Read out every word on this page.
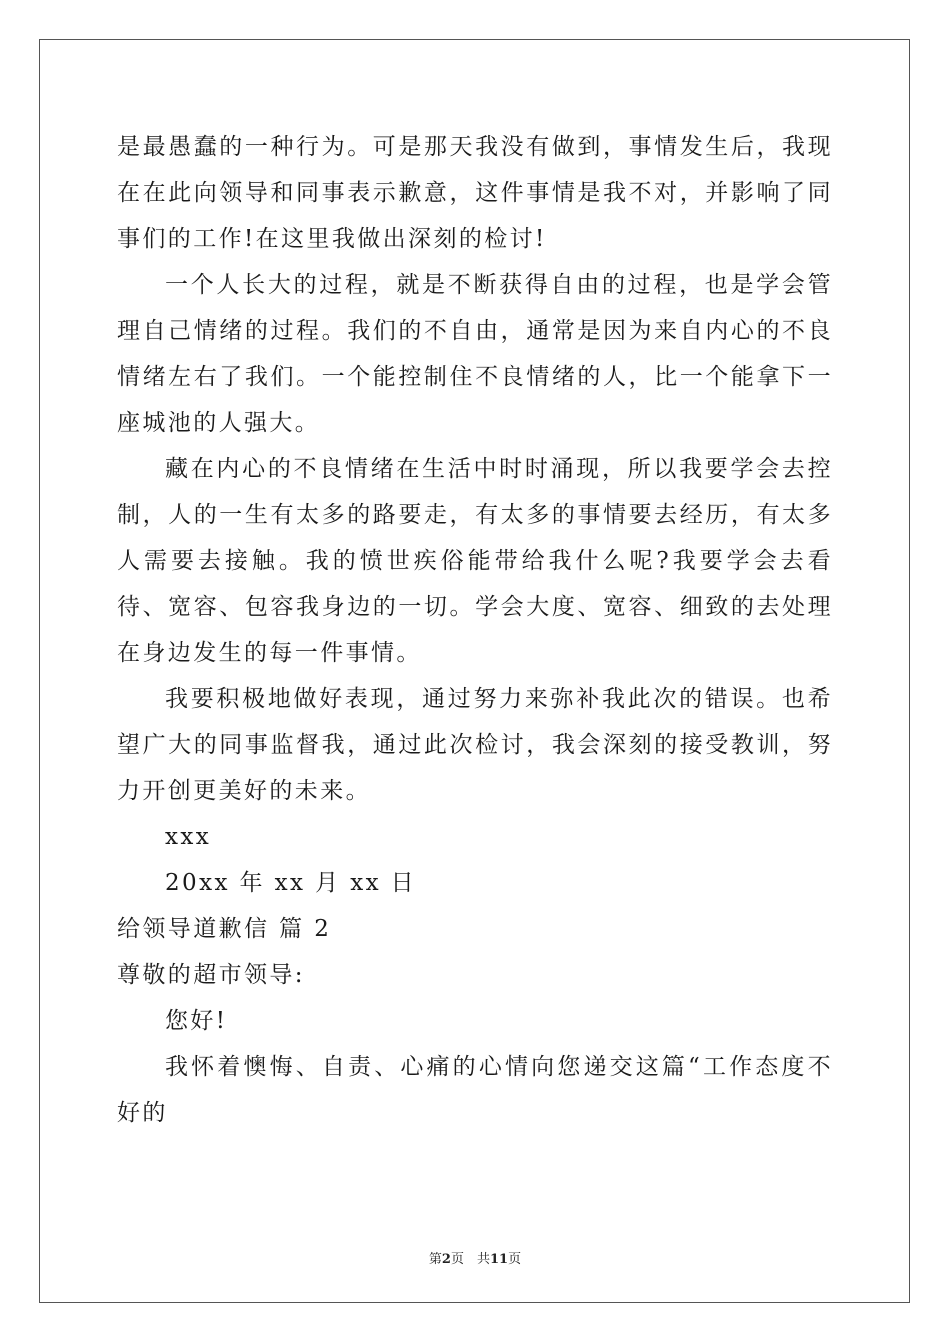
是最愚蠢的一种行为。可是那天我没有做到，事情发生后，我现在在此向领导和同事表示歉意，这件事情是我不对，并影响了同事们的工作!在这里我做出深刻的检讨!

一个人长大的过程，就是不断获得自由的过程，也是学会管理自己情绪的过程。我们的不自由，通常是因为来自内心的不良情绪左右了我们。一个能控制住不良情绪的人，比一个能拿下一座城池的人强大。

藏在内心的不良情绪在生活中时时涌现，所以我要学会去控制，人的一生有太多的路要走，有太多的事情要去经历，有太多人需要去接触。我的愤世疾俗能带给我什么呢?我要学会去看待、宽容、包容我身边的一切。学会大度、宽容、细致的去处理在身边发生的每一件事情。

我要积极地做好表现，通过努力来弥补我此次的错误。也希望广大的同事监督我，通过此次检讨，我会深刻的接受教训，努力开创更美好的未来。

xxx

20xx 年 xx 月 xx 日

给领导道歉信 篇 2

尊敬的超市领导:

您好!

我怀着懊悔、自责、心痛的心情向您递交这篇“工作态度不好的

第2页　共11页
